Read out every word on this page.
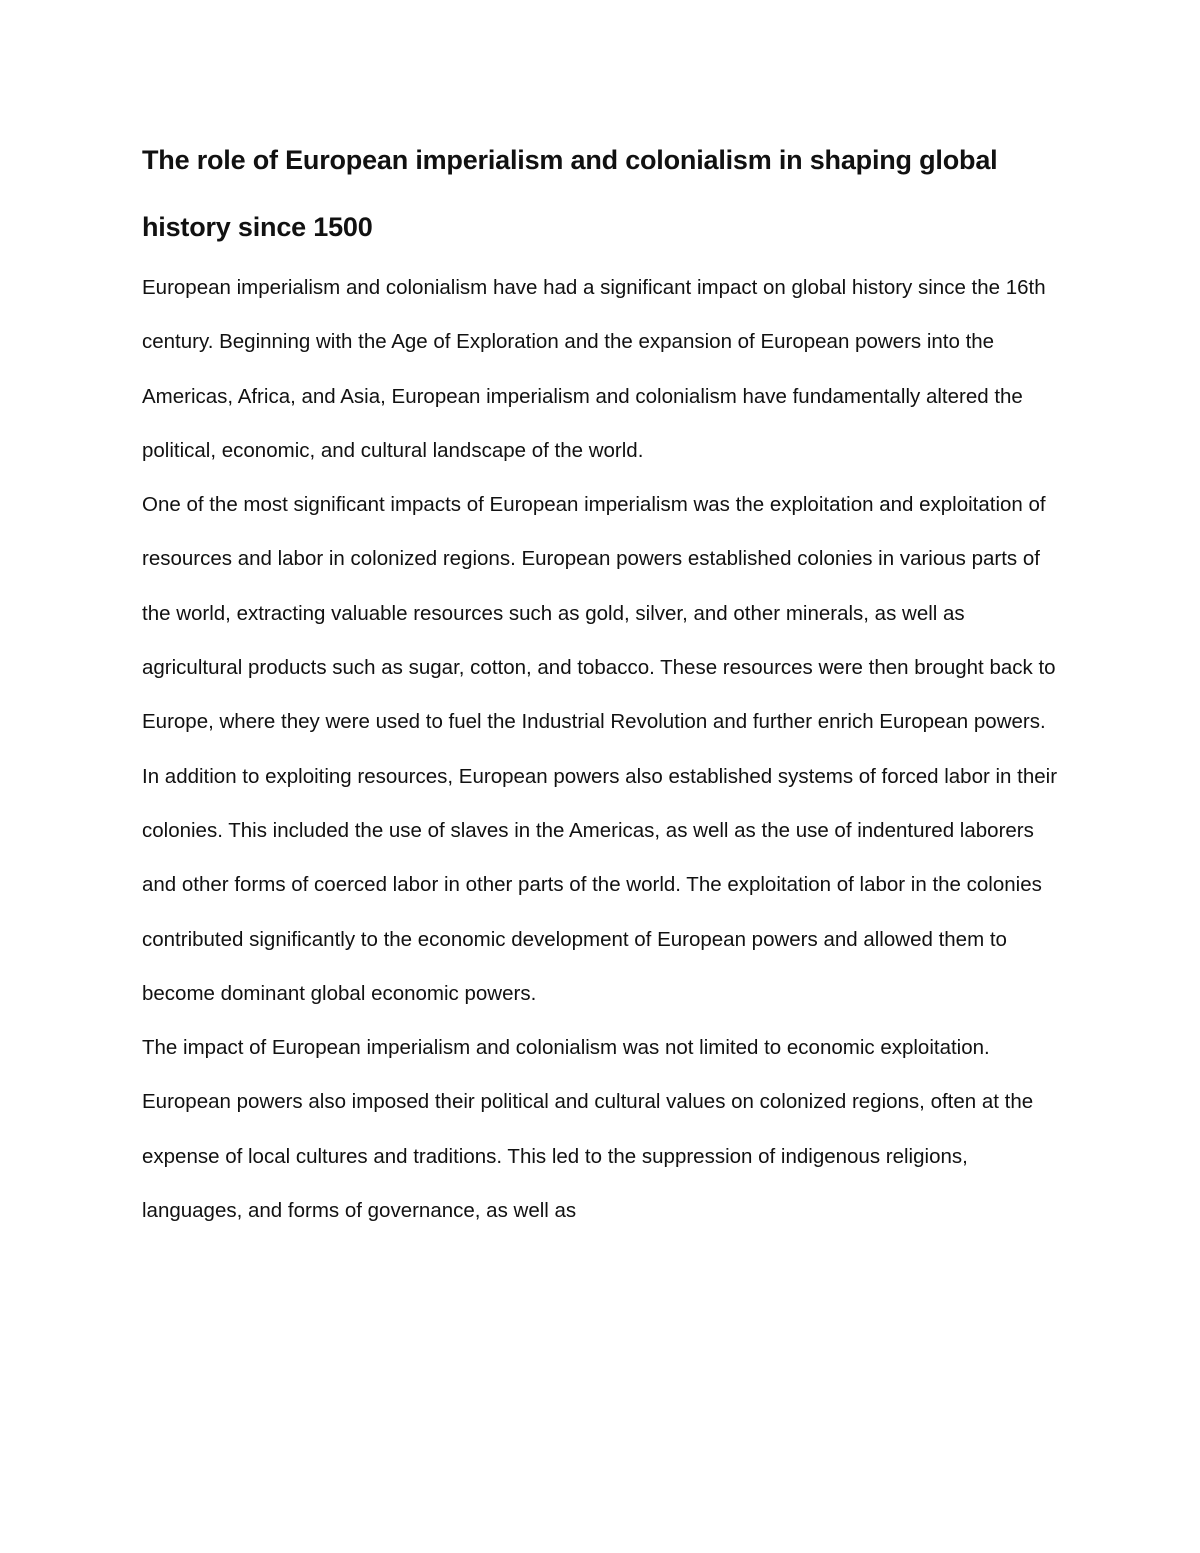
The role of European imperialism and colonialism in shaping global history since 1500

European imperialism and colonialism have had a significant impact on global history since the 16th century. Beginning with the Age of Exploration and the expansion of European powers into the Americas, Africa, and Asia, European imperialism and colonialism have fundamentally altered the political, economic, and cultural landscape of the world.

One of the most significant impacts of European imperialism was the exploitation and exploitation of resources and labor in colonized regions. European powers established colonies in various parts of the world, extracting valuable resources such as gold, silver, and other minerals, as well as agricultural products such as sugar, cotton, and tobacco. These resources were then brought back to Europe, where they were used to fuel the Industrial Revolution and further enrich European powers.

In addition to exploiting resources, European powers also established systems of forced labor in their colonies. This included the use of slaves in the Americas, as well as the use of indentured laborers and other forms of coerced labor in other parts of the world. The exploitation of labor in the colonies contributed significantly to the economic development of European powers and allowed them to become dominant global economic powers.

The impact of European imperialism and colonialism was not limited to economic exploitation. European powers also imposed their political and cultural values on colonized regions, often at the expense of local cultures and traditions. This led to the suppression of indigenous religions, languages, and forms of governance, as well as
